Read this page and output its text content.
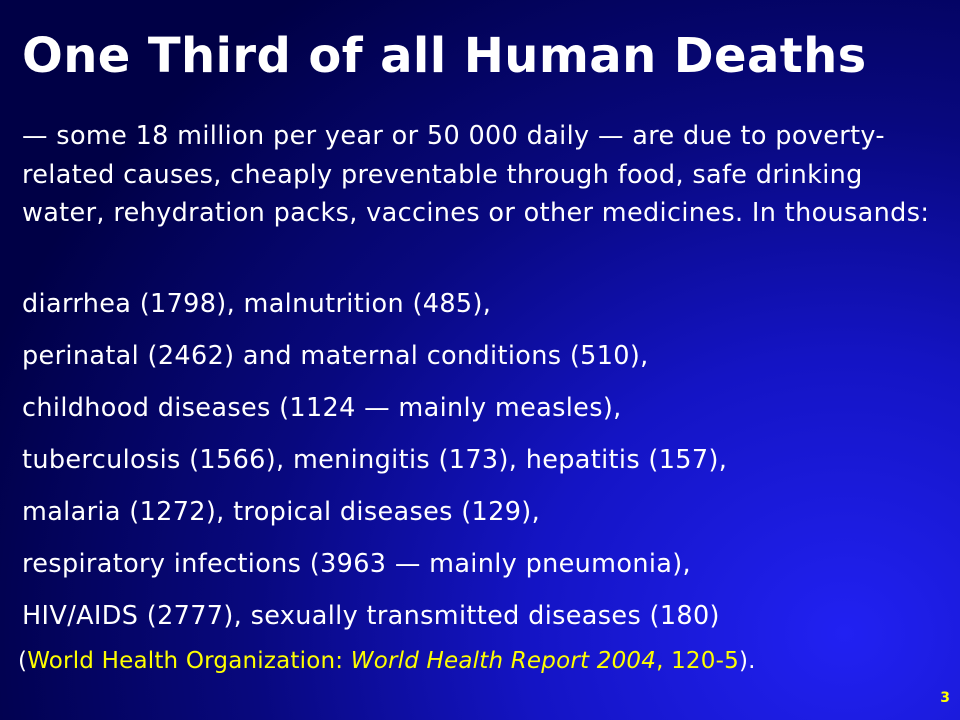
One Third of all Human Deaths
— some 18 million per year or 50 000 daily — are due to poverty-related causes, cheaply preventable through food, safe drinking water, rehydration packs, vaccines or other medicines. In thousands:
diarrhea (1798), malnutrition (485),
perinatal (2462) and maternal conditions (510),
childhood diseases (1124 — mainly measles),
tuberculosis (1566), meningitis (173), hepatitis (157),
malaria (1272), tropical diseases (129),
respiratory infections (3963 — mainly pneumonia),
HIV/AIDS (2777), sexually transmitted diseases (180)
(World Health Organization: World Health Report 2004, 120-5).
3
